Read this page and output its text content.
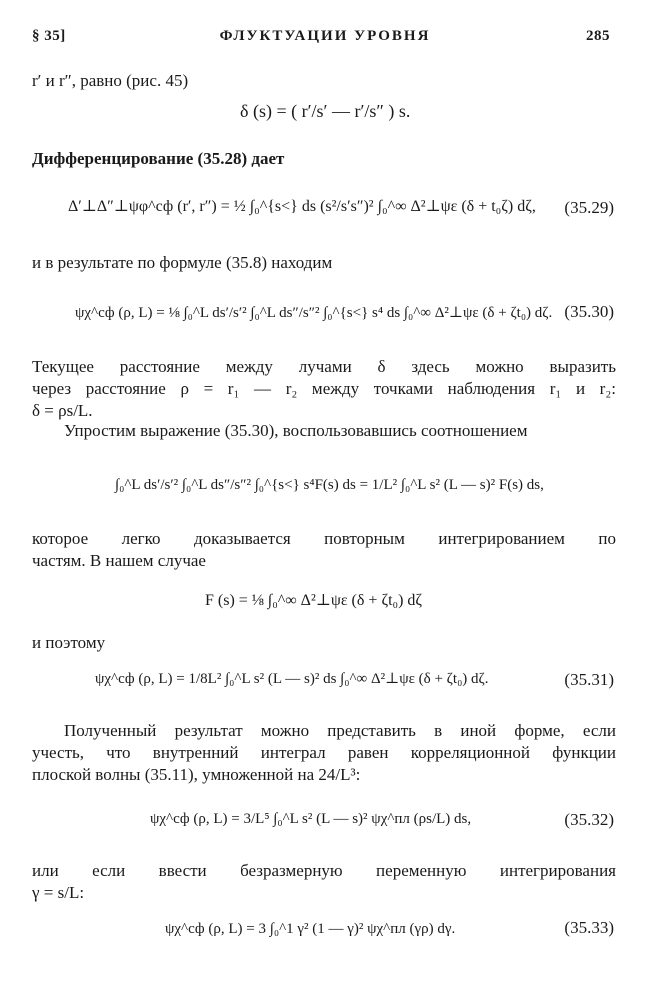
§ 35]	ФЛУКТУАЦИИ УРОВНЯ	285
r′ и r″, равно (рис. 45)
δ (s) = ( r′/s′ — r′/s″ ) s.
Дифференцирование (35.28) дает
Δ′⊥Δ″⊥ψφ^сф (r′, r″) = ½ ∫₀^{s<} ds (s²/s′s″)² ∫₀^∞ Δ²⊥ψε (δ + t₀ζ) dζ, (35.29)
и в результате по формуле (35.8) находим
ψχ^сф (ρ, L) = ⅛ ∫₀^L ds′/s′² ∫₀^L ds″/s″² ∫₀^{s<} s⁴ ds ∫₀^∞ Δ²⊥ψε (δ + ζt₀) dζ. (35.30)
Текущее расстояние между лучами δ здесь можно выразить
через расстояние ρ = r₁ — r₂ между точками наблюдения r₁ и r₂:
δ = ρs/L.
Упростим выражение (35.30), воспользовавшись соотношением
∫₀^L ds′/s′² ∫₀^L ds″/s″² ∫₀^{s<} s⁴F(s) ds = 1/L² ∫₀^L s² (L — s)² F(s) ds,
которое легко доказывается повторным интегрированием по
частям. В нашем случае
F (s) = ⅛ ∫₀^∞ Δ²⊥ψε (δ + ζt₀) dζ
и поэтому
ψχ^сф (ρ, L) = 1/8L² ∫₀^L s² (L — s)² ds ∫₀^∞ Δ²⊥ψε (δ + ζt₀) dζ.	(35.31)
Полученный результат можно представить в иной форме, если
учесть, что внутренний интеграл равен корреляционной функции
плоской волны (35.11), умноженной на 24/L³:
ψχ^сф (ρ, L) = 3/L⁵ ∫₀^L s² (L — s)² ψχ^пл (ρs/L) ds,	(35.32)
или если ввести безразмерную переменную интегрирования
γ = s/L:
ψχ^сф (ρ, L) = 3 ∫₀^1 γ² (1 — γ)² ψχ^пл (γρ) dγ.	(35.33)
